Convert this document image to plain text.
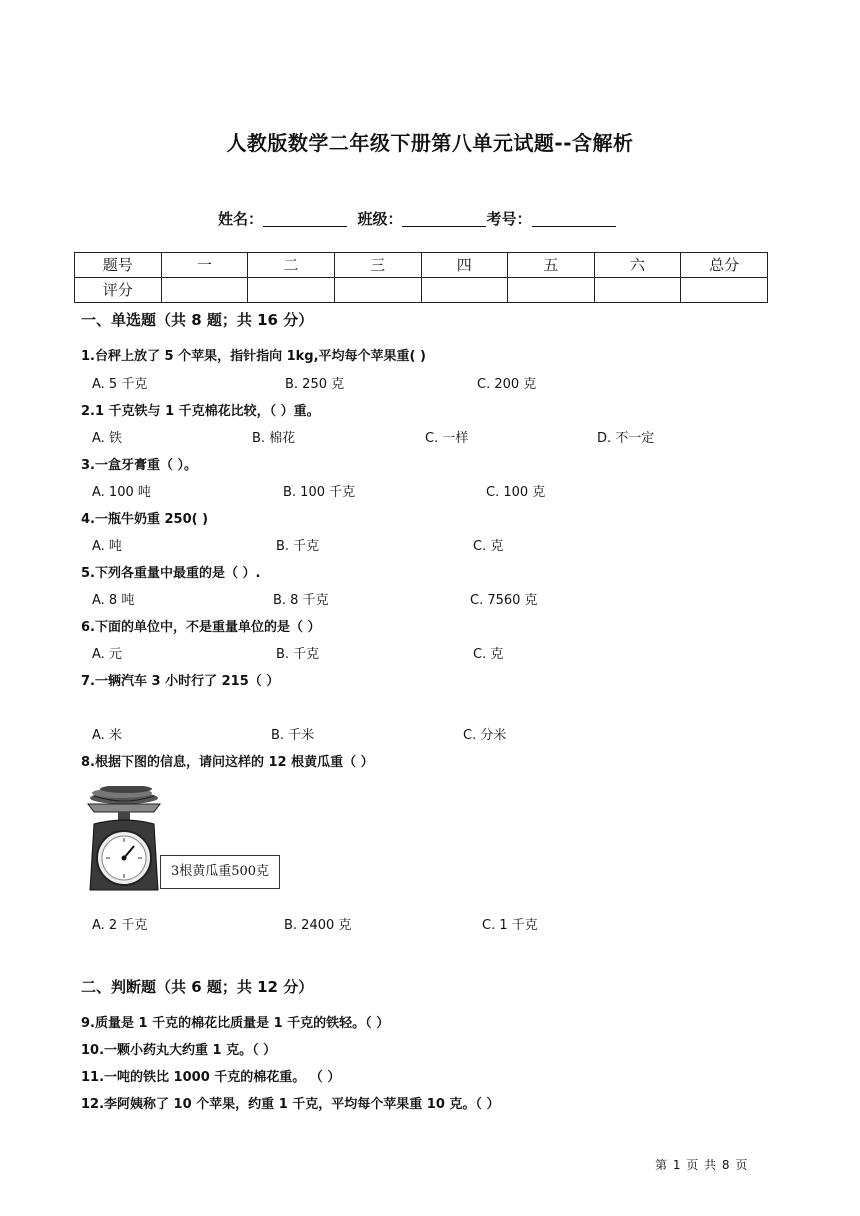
人教版数学二年级下册第八单元试题--含解析
姓名：	班级：	考号：
题号	一	二	三	四	五	六	总分
评分							
一、单选题（共 8 题；共 16 分）
1.台秤上放了 5 个苹果，指针指向 1kg,平均每个苹果重( )
A. 5 千克	B. 250 克	C. 200 克
2.1 千克铁与 1 千克棉花比较，（ ）重。
A. 铁	B. 棉花	C. 一样	D. 不一定
3.一盒牙膏重（ ）。
A. 100 吨	B. 100 千克	C. 100 克
4.一瓶牛奶重 250( )
A. 吨	B. 千克	C. 克
5.下列各重量中最重的是（ ）.
A. 8 吨	B. 8 千克	C. 7560 克
6.下面的单位中，不是重量单位的是（ ）
A. 元	B. 千克	C. 克
7.一辆汽车 3 小时行了 215（ ）
A. 米	B. 千米	C. 分米
8.根据下图的信息，请问这样的 12 根黄瓜重（ ）
3根黄瓜重500克
A. 2 千克	B. 2400 克	C. 1 千克
二、判断题（共 6 题；共 12 分）
9.质量是 1 千克的棉花比质量是 1 千克的铁轻。（ ）
10.一颗小药丸大约重 1 克。（ ）
11.一吨的铁比 1000 千克的棉花重。 （ ）
12.李阿姨称了 10 个苹果，约重 1 千克，平均每个苹果重 10 克。（ ）
第 1 页 共 8 页
